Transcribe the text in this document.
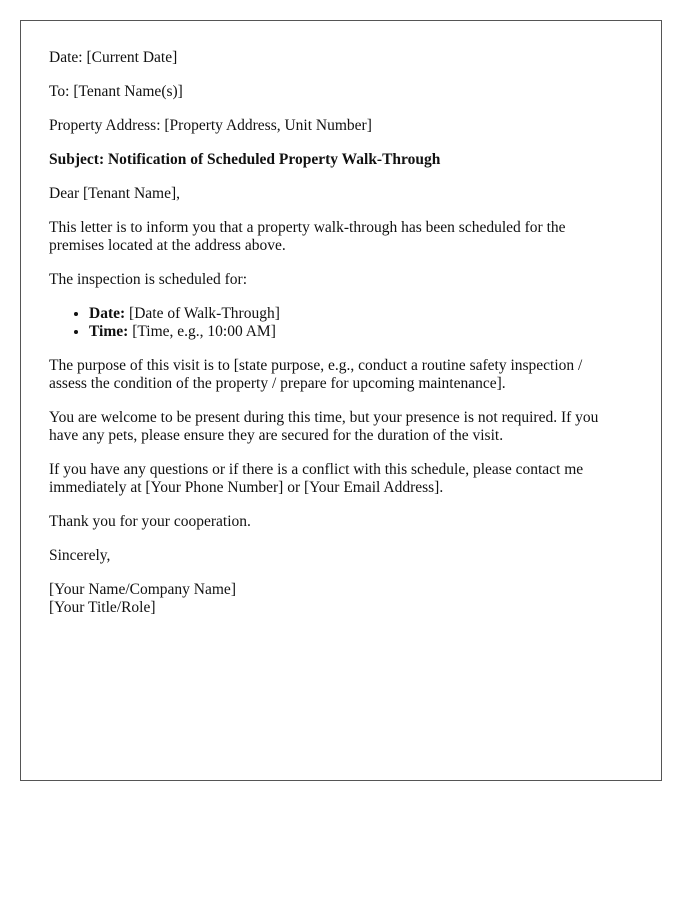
Date: [Current Date]

To: [Tenant Name(s)]

Property Address: [Property Address, Unit Number]

Subject: Notification of Scheduled Property Walk-Through

Dear [Tenant Name],

This letter is to inform you that a property walk-through has been scheduled for the premises located at the address above.

The inspection is scheduled for:

• Date: [Date of Walk-Through]
• Time: [Time, e.g., 10:00 AM]

The purpose of this visit is to [state purpose, e.g., conduct a routine safety inspection / assess the condition of the property / prepare for upcoming maintenance].

You are welcome to be present during this time, but your presence is not required. If you have any pets, please ensure they are secured for the duration of the visit.

If you have any questions or if there is a conflict with this schedule, please contact me immediately at [Your Phone Number] or [Your Email Address].

Thank you for your cooperation.

Sincerely,

[Your Name/Company Name]
[Your Title/Role]
